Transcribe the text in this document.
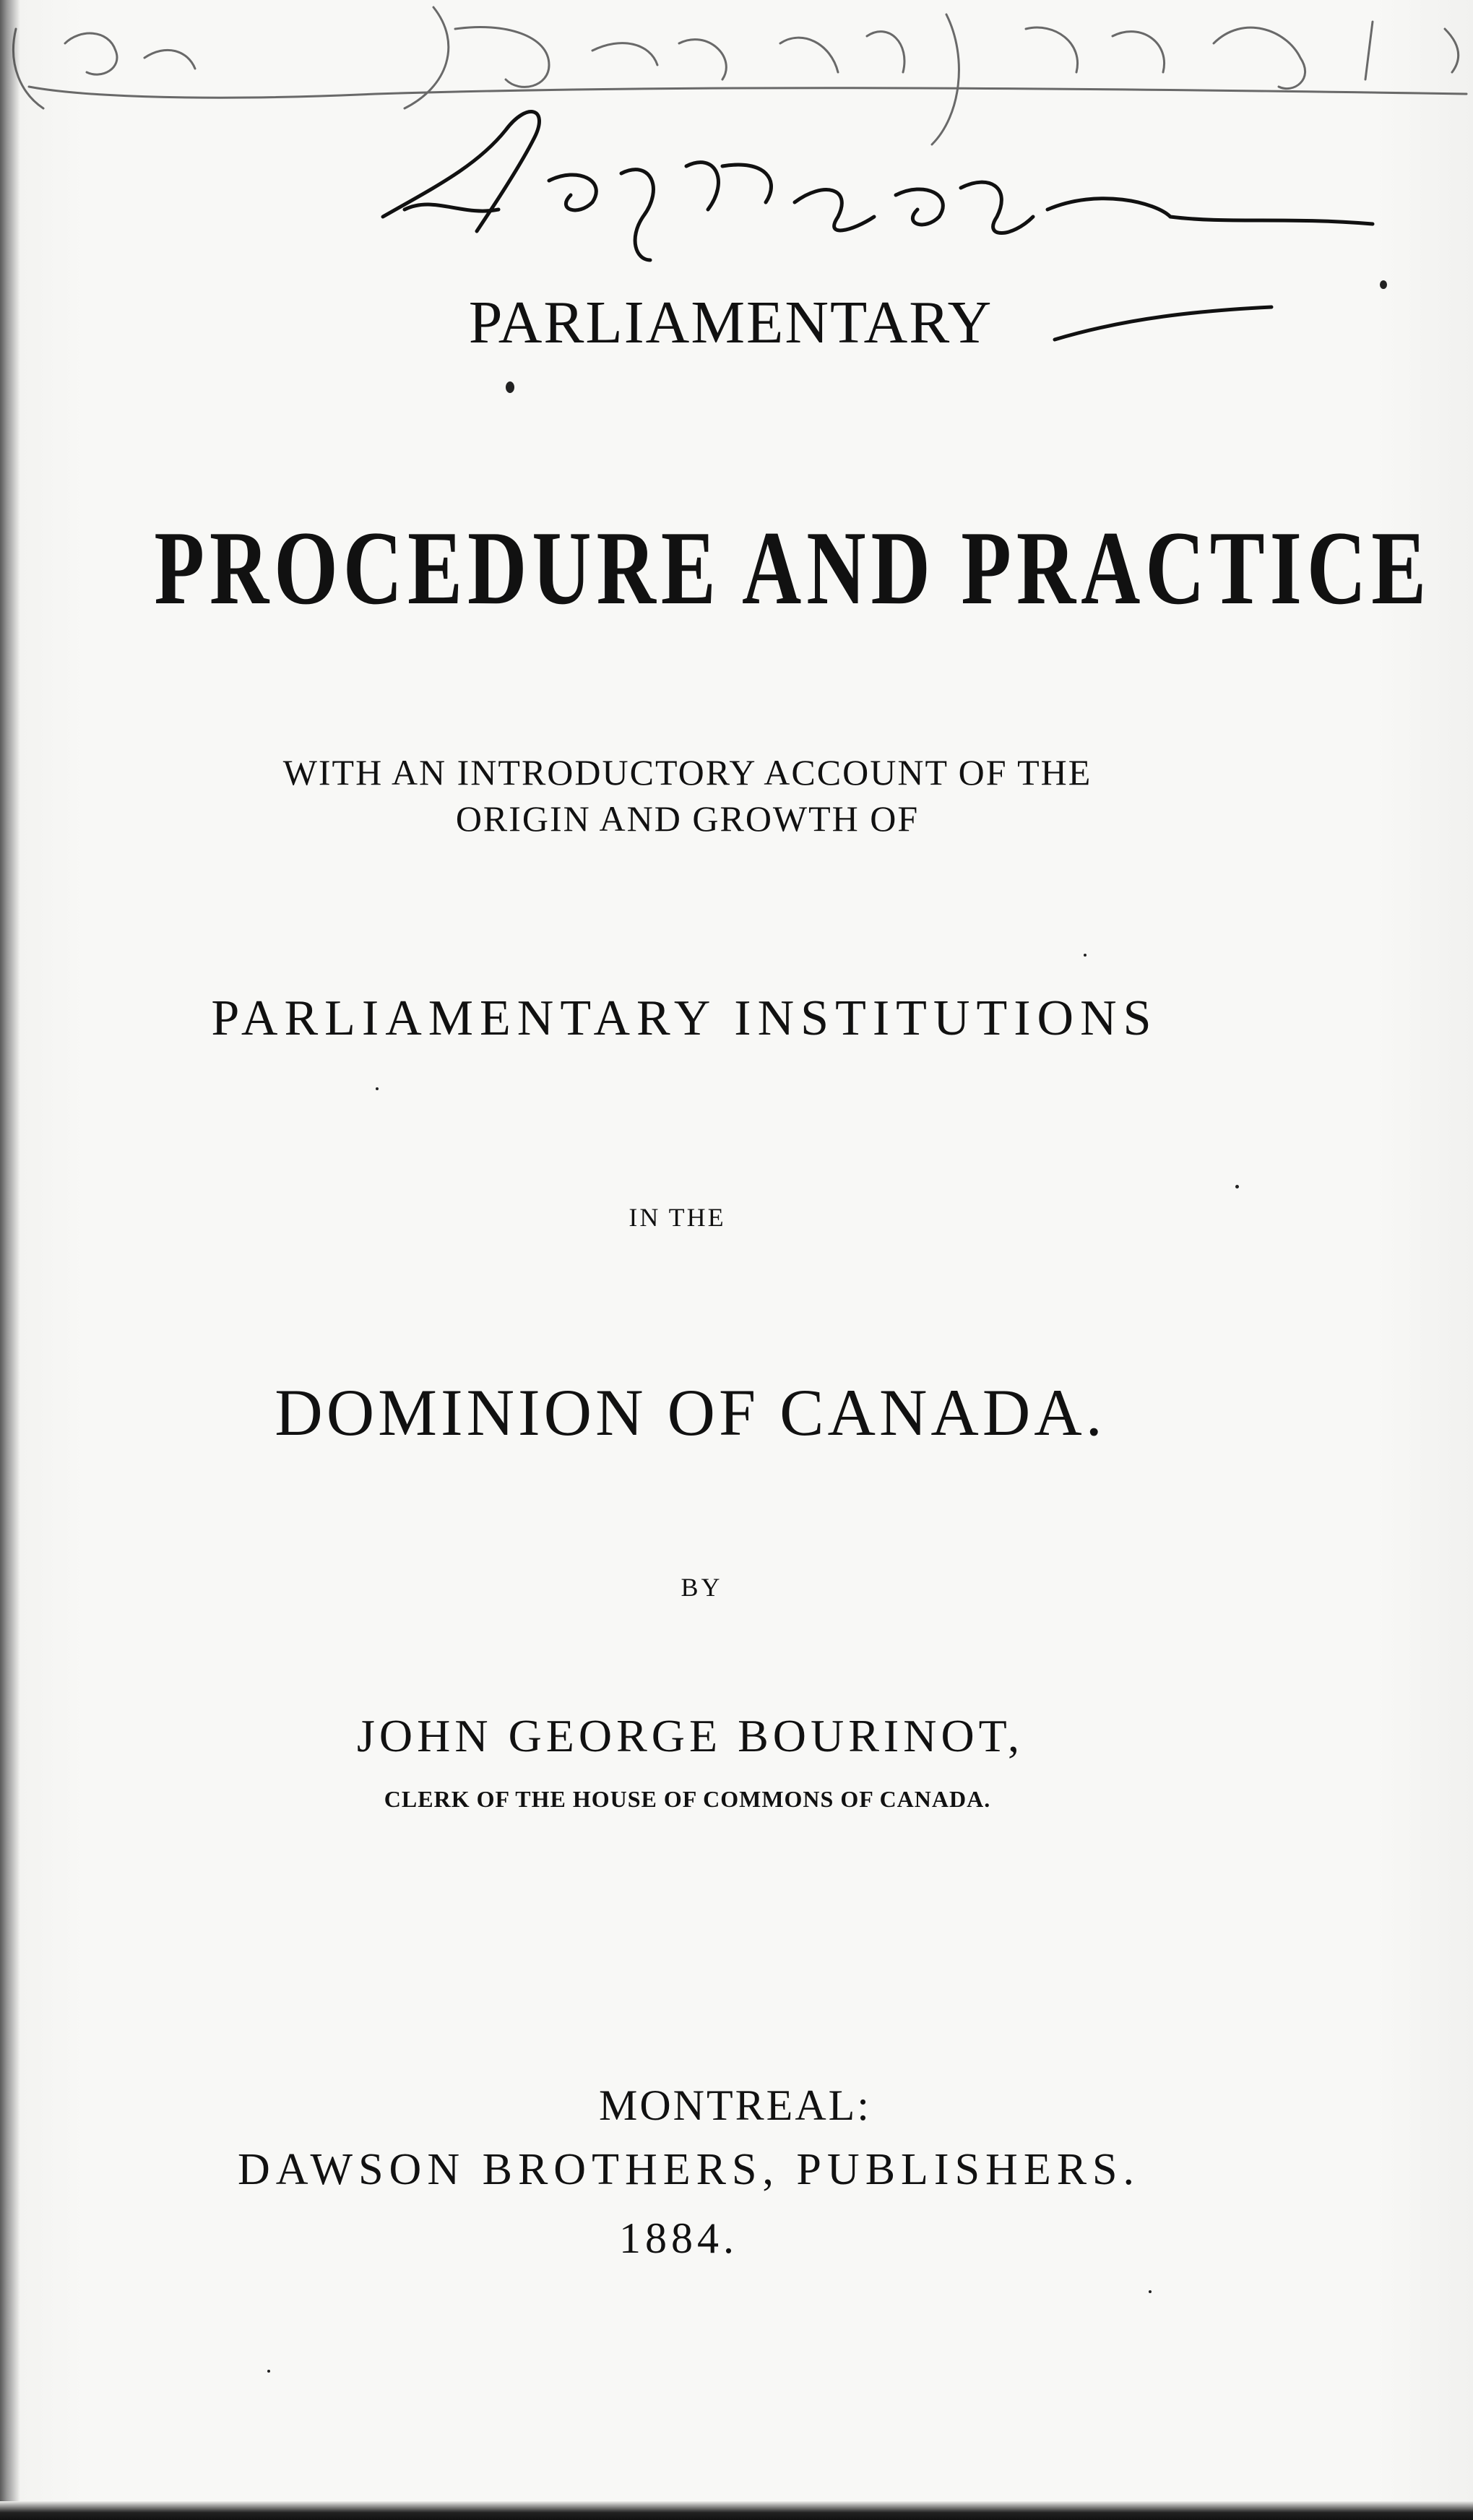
PARLIAMENTARY

PROCEDURE AND PRACTICE

WITH AN INTRODUCTORY ACCOUNT OF THE

ORIGIN AND GROWTH OF

PARLIAMENTARY INSTITUTIONS

IN THE

DOMINION OF CANADA.

BY

JOHN GEORGE BOURINOT,

CLERK OF THE HOUSE OF COMMONS OF CANADA.

MONTREAL:

DAWSON BROTHERS, PUBLISHERS.

1884.
